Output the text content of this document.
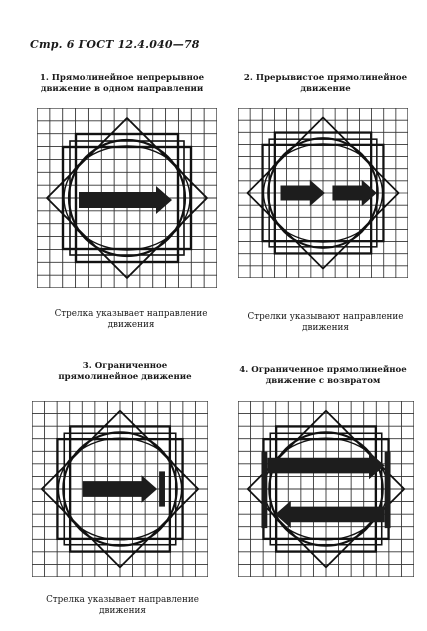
Стр. 6 ГОСТ 12.4.040—78
1. Прямолинейное непрерывное движение в одном направлении
Стрелка указывает направление движения
2. Прерывистое прямолинейное движение
Стрелки указывают направление движения
3. Ограниченное прямолинейное движение
Стрелка указывает направление движения
4. Ограниченное прямолинейное движение с возвратом
